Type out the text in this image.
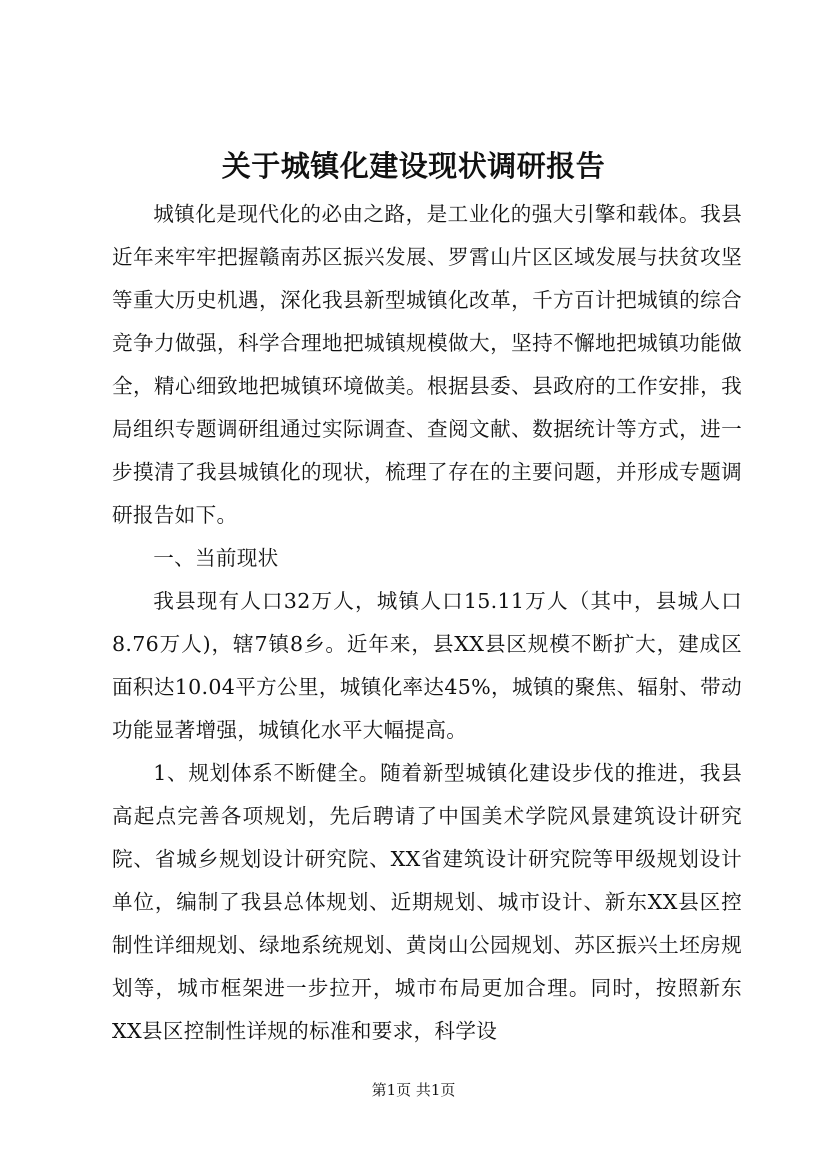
关于城镇化建设现状调研报告

城镇化是现代化的必由之路，是工业化的强大引擎和载体。我县近年来牢牢把握赣南苏区振兴发展、罗霄山片区区域发展与扶贫攻坚等重大历史机遇，深化我县新型城镇化改革，千方百计把城镇的综合竞争力做强，科学合理地把城镇规模做大，坚持不懈地把城镇功能做全，精心细致地把城镇环境做美。根据县委、县政府的工作安排，我局组织专题调研组通过实际调查、查阅文献、数据统计等方式，进一步摸清了我县城镇化的现状，梳理了存在的主要问题，并形成专题调研报告如下。

一、当前现状

我县现有人口32万人，城镇人口15.11万人（其中，县城人口8.76万人)，辖7镇8乡。近年来，县XX县区规模不断扩大，建成区面积达10.04平方公里，城镇化率达45%，城镇的聚焦、辐射、带动功能显著增强，城镇化水平大幅提高。

1、规划体系不断健全。随着新型城镇化建设步伐的推进，我县高起点完善各项规划，先后聘请了中国美术学院风景建筑设计研究院、省城乡规划设计研究院、XX省建筑设计研究院等甲级规划设计单位，编制了我县总体规划、近期规划、城市设计、新东XX县区控制性详细规划、绿地系统规划、黄岗山公园规划、苏区振兴土坯房规划等，城市框架进一步拉开，城市布局更加合理。同时，按照新东XX县区控制性详规的标准和要求，科学设

第1页 共1页
